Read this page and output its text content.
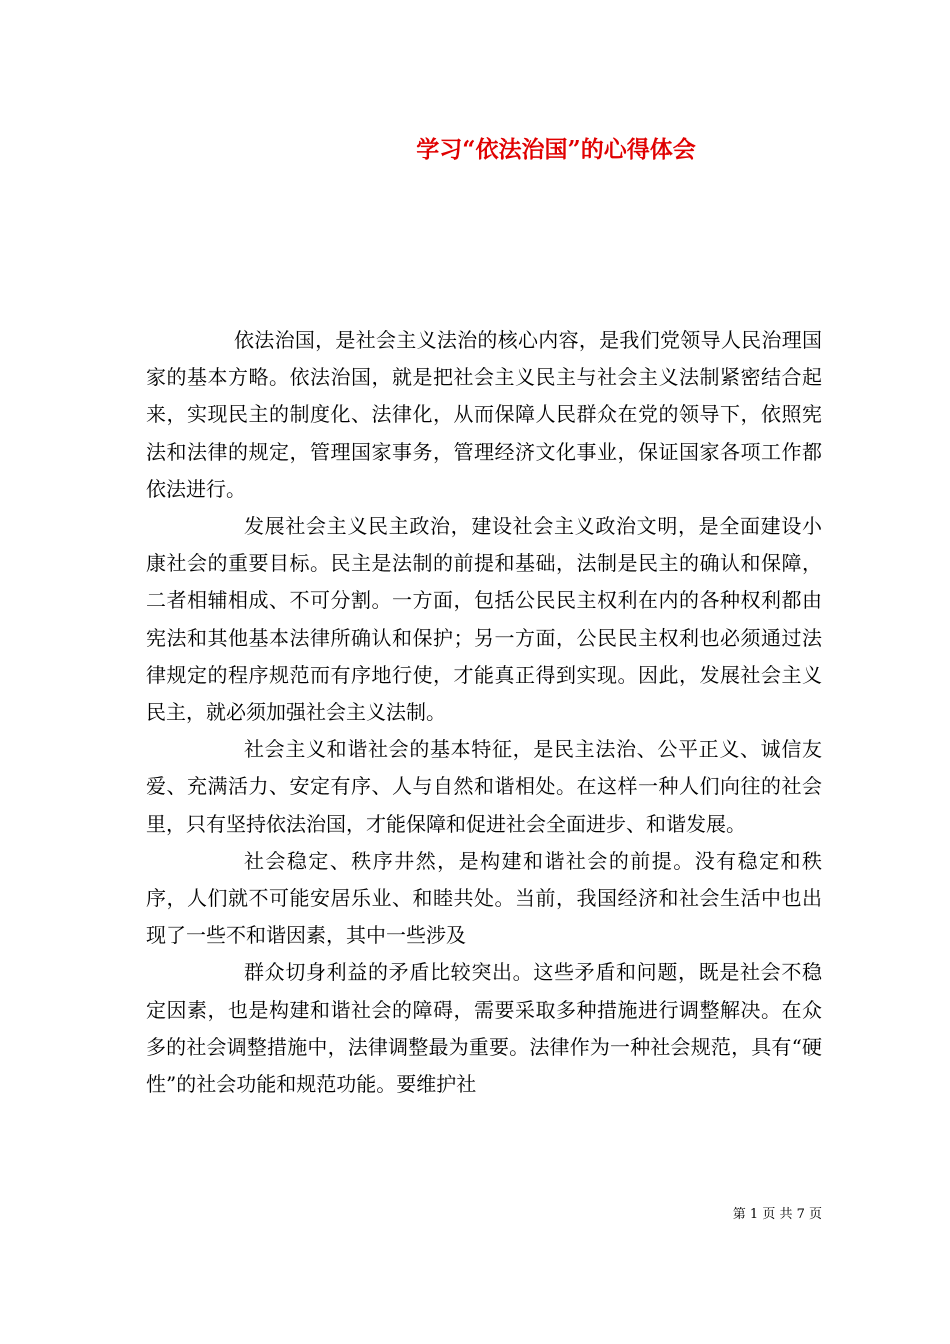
学习“依法治国”的心得体会

依法治国，是社会主义法治的核心内容，是我们党领导人民治理国家的基本方略。依法治国，就是把社会主义民主与社会主义法制紧密结合起来，实现民主的制度化、法律化，从而保障人民群众在党的领导下，依照宪法和法律的规定，管理国家事务，管理经济文化事业，保证国家各项工作都依法进行。

发展社会主义民主政治，建设社会主义政治文明，是全面建设小康社会的重要目标。民主是法制的前提和基础，法制是民主的确认和保障，二者相辅相成、不可分割。一方面，包括公民民主权利在内的各种权利都由宪法和其他基本法律所确认和保护；另一方面，公民民主权利也必须通过法律规定的程序规范而有序地行使，才能真正得到实现。因此，发展社会主义民主，就必须加强社会主义法制。

社会主义和谐社会的基本特征，是民主法治、公平正义、诚信友爱、充满活力、安定有序、人与自然和谐相处。在这样一种人们向往的社会里，只有坚持依法治国，才能保障和促进社会全面进步、和谐发展。

社会稳定、秩序井然，是构建和谐社会的前提。没有稳定和秩序，人们就不可能安居乐业、和睦共处。当前，我国经济和社会生活中也出现了一些不和谐因素，其中一些涉及

群众切身利益的矛盾比较突出。这些矛盾和问题，既是社会不稳定因素，也是构建和谐社会的障碍，需要采取多种措施进行调整解决。在众多的社会调整措施中，法律调整最为重要。法律作为一种社会规范，具有“硬性”的社会功能和规范功能。要维护社

第 1 页 共 7 页
